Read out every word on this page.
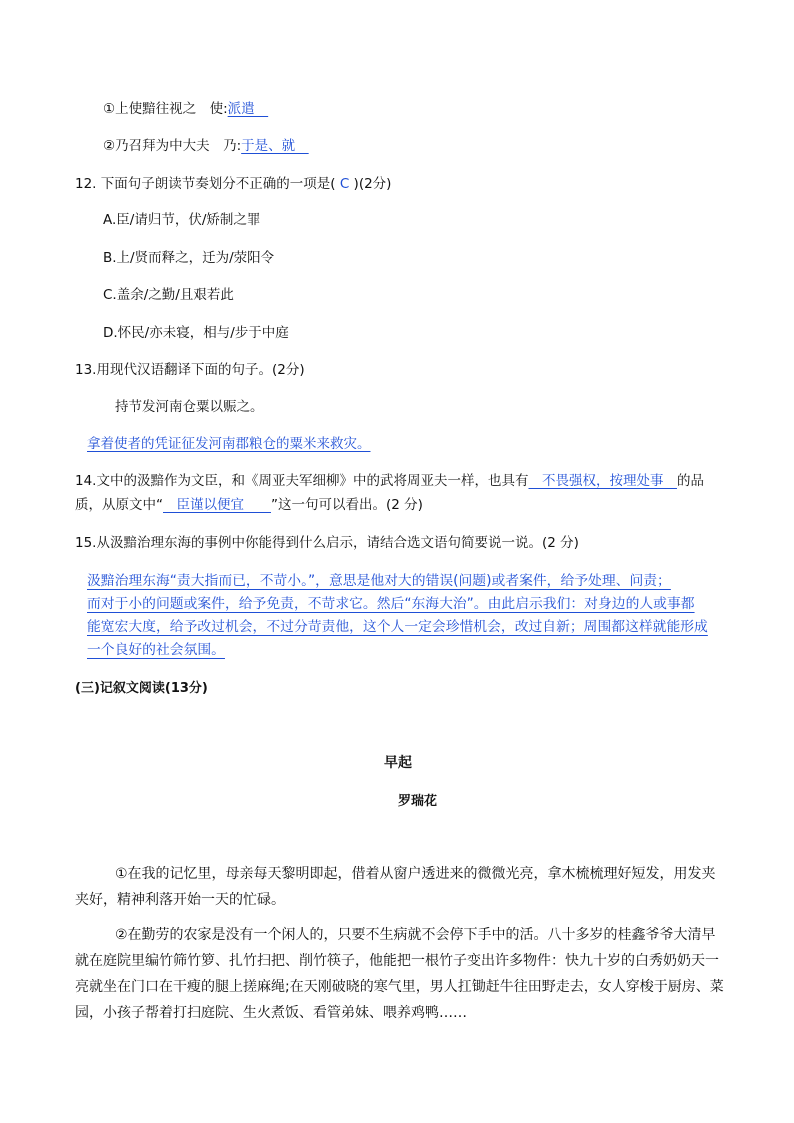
①上使黯往视之　使:派遣　
②乃召拜为中大夫　乃:于是、就　
12. 下面句子朗读节奏划分不正确的一项是( C )(2分)
A.臣/请归节，伏/矫制之罪
B.上/贤而释之，迁为/荥阳令
C.盖余/之勤/且艰若此
D.怀民/亦未寝，相与/步于中庭
13.用现代汉语翻译下面的句子。(2分)
持节发河南仓粟以赈之。
拿着使者的凭证征发河南郡粮仓的粟米来救灾。
14.文中的汲黯作为文臣，和《周亚夫军细柳》中的武将周亚夫一样，也具有　不畏强权，按理处事　的品
质，从原文中“　臣谨以便宜　　”这一句可以看出。(2 分)
15.从汲黯治理东海的事例中你能得到什么启示，请结合选文语句简要说一说。(2 分)
汲黯治理东海“责大指而已，不苛小。”，意思是他对大的错误(问题)或者案件，给予处理、问责；
而对于小的问题或案件，给予免责，不苛求它。然后“东海大治”。由此启示我们：对身边的人或事都
能宽宏大度，给予改过机会，不过分苛责他，这个人一定会珍惜机会，改过自新；周围都这样就能形成
一个良好的社会氛围。
(三)记叙文阅读(13分)
早起
罗瑞花
①在我的记忆里，母亲每天黎明即起，借着从窗户透进来的微微光亮，拿木梳梳理好短发，用发夹
夹好，精神利落开始一天的忙碌。
②在勤劳的农家是没有一个闲人的，只要不生病就不会停下手中的活。八十多岁的桂鑫爷爷大清早
就在庭院里编竹筛竹箩、扎竹扫把、削竹筷子，他能把一根竹子变出许多物件：快九十岁的白秀奶奶天一
亮就坐在门口在干瘦的腿上搓麻绳;在天刚破晓的寒气里，男人扛锄赶牛往田野走去，女人穿梭于厨房、菜
园，小孩子帮着打扫庭院、生火煮饭、看管弟妹、喂养鸡鸭……
